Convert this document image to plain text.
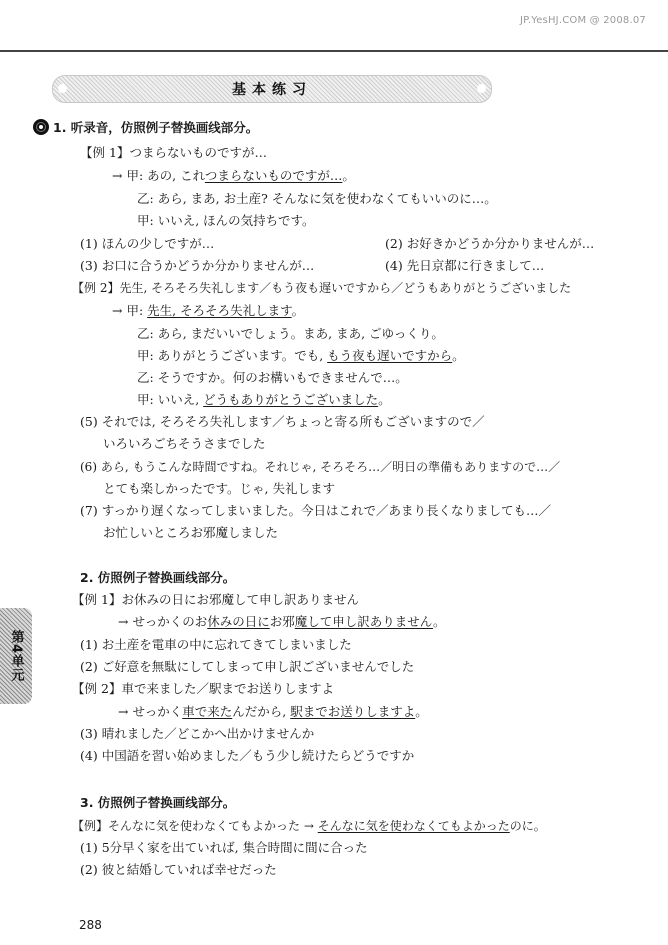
JP.YesHJ.COM @ 2008.07
基本练习
1. 听录音，仿照例子替换画线部分。
【例 1】つまらないものですが…
→ 甲: あの, これつまらないものですが…。
乙: あら, まあ, お土産? そんなに気を使わなくてもいいのに…。
甲: いいえ, ほんの気持ちです。
(1) ほんの少しですが…	(2) お好きかどうか分かりませんが…
(3) お口に合うかどうか分かりませんが…	(4) 先日京都に行きまして…
【例 2】先生, そろそろ失礼します／もう夜も遅いですから／どうもありがとうございました
→ 甲: 先生, そろそろ失礼します。
乙: あら, まだいいでしょう。まあ, まあ, ごゆっくり。
甲: ありがとうございます。でも, もう夜も遅いですから。
乙: そうですか。何のお構いもできませんで…。
甲: いいえ, どうもありがとうございました。
(5) それでは, そろそろ失礼します／ちょっと寄る所もございますので／
いろいろごちそうさまでした
(6) あら, もうこんな時間ですね。それじゃ, そろそろ…／明日の準備もありますので…／
とても楽しかったです。じゃ, 失礼します
(7) すっかり遅くなってしまいました。今日はこれで／あまり長くなりましても…／
お忙しいところお邪魔しました
2. 仿照例子替换画线部分。
【例 1】お休みの日にお邪魔して申し訳ありません
→ せっかくのお休みの日にお邪魔して申し訳ありません。
(1) お土産を電車の中に忘れてきてしまいました
(2) ご好意を無駄にしてしまって申し訳ございませんでした
【例 2】車で来ました／駅までお送りしますよ
→ せっかく車で来たんだから, 駅までお送りしますよ。
(3) 晴れました／どこかへ出かけませんか
(4) 中国語を習い始めました／もう少し続けたらどうですか
3. 仿照例子替换画线部分。
【例】そんなに気を使わなくてもよかった → そんなに気を使わなくてもよかったのに。
(1) 5分早く家を出ていれば, 集合時間に間に合った
(2) 彼と結婚していれば幸せだった
第4单元
288
